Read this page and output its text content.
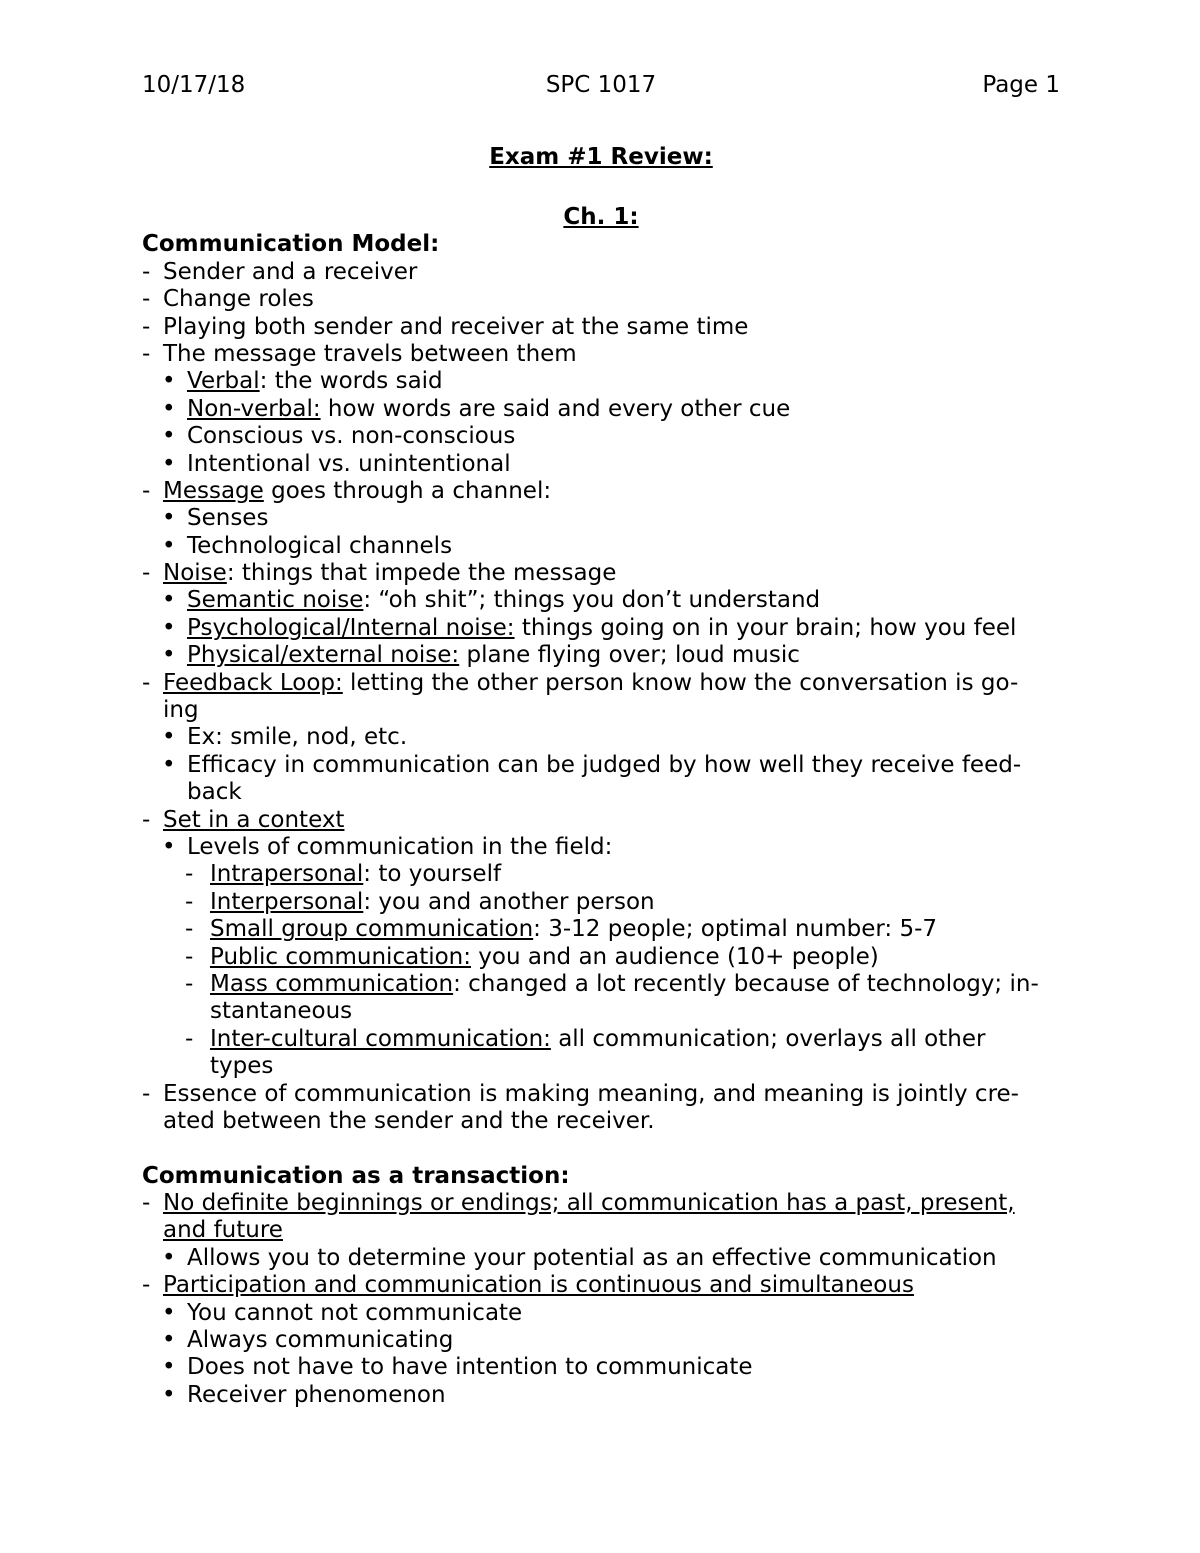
10/17/18	SPC 1017	Page 1
Exam #1 Review:
Ch. 1:
Communication Model:
- Sender and a receiver
- Change roles
- Playing both sender and receiver at the same time
- The message travels between them
• Verbal: the words said
• Non-verbal: how words are said and every other cue
• Conscious vs. non-conscious
• Intentional vs. unintentional
- Message goes through a channel:
• Senses
• Technological channels
- Noise: things that impede the message
• Semantic noise: “oh shit”; things you don’t understand
• Psychological/Internal noise: things going on in your brain; how you feel
• Physical/external noise: plane flying over; loud music
- Feedback Loop: letting the other person know how the conversation is go-
ing
• Ex: smile, nod, etc.
• Efficacy in communication can be judged by how well they receive feed-
back
- Set in a context
• Levels of communication in the field:
- Intrapersonal: to yourself
- Interpersonal: you and another person
- Small group communication: 3-12 people; optimal number: 5-7
- Public communication: you and an audience (10+ people)
- Mass communication: changed a lot recently because of technology; in-
stantaneous
- Inter-cultural communication: all communication; overlays all other
types
- Essence of communication is making meaning, and meaning is jointly cre-
ated between the sender and the receiver.
Communication as a transaction:
- No definite beginnings or endings; all communication has a past, present,
and future
• Allows you to determine your potential as an effective communication
- Participation and communication is continuous and simultaneous
• You cannot not communicate
• Always communicating
• Does not have to have intention to communicate
• Receiver phenomenon
